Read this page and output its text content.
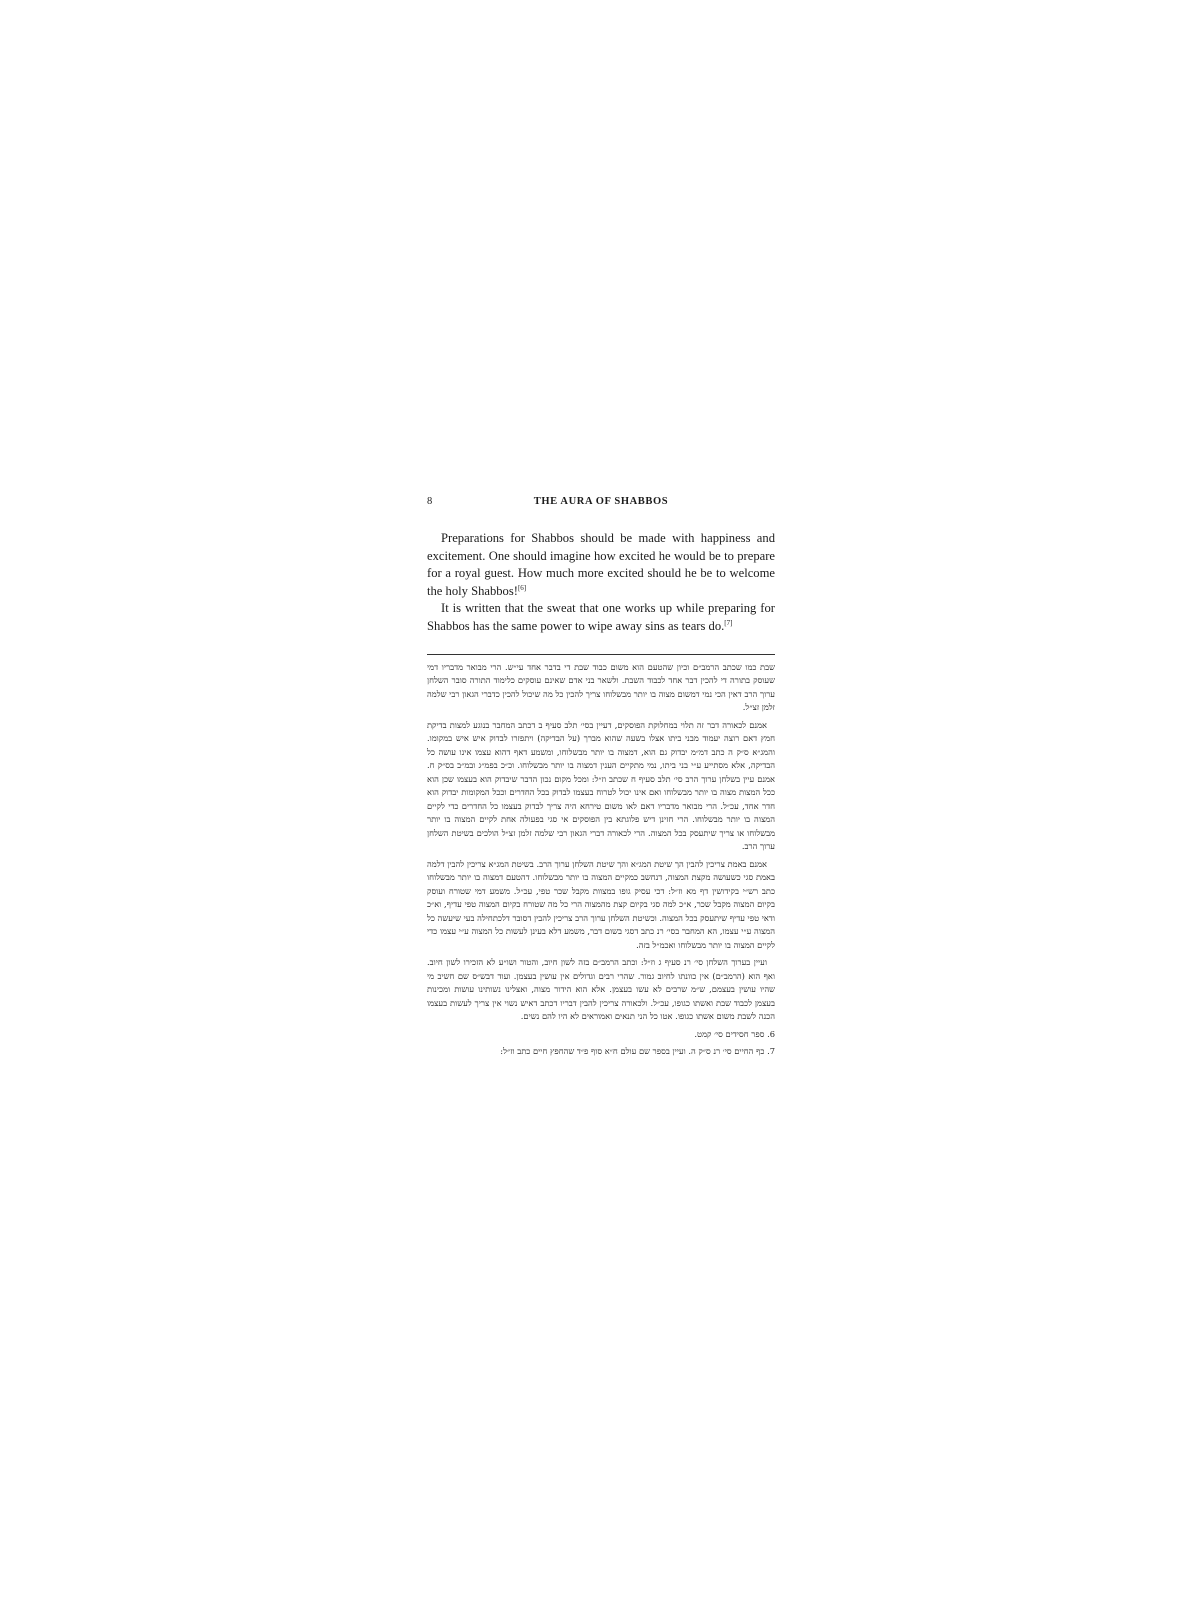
8	THE AURA OF SHABBOS

Preparations for Shabbos should be made with happiness and excitement. One should imagine how excited he would be to prepare for a royal guest. How much more excited should he be to welcome the holy Shabbos![6]

It is written that the sweat that one works up while preparing for Shabbos has the same power to wipe away sins as tears do.[7]

שבת כמו שכתב הרמב״ם וכיון שהטעם הוא משום כבוד שבת די בדבר אחד עי״ש. הרי מבואר מדבריו דמי שעוסק בתורה די להכין דבר אחד לכבוד השבת. ולשאר בני אדם שאינם עוסקים כלימוד התורה סובר השלחן ערוך הרב דאין הכי נמי דמשום מצוה בו יותר מבשלוחו צריך להכין כל מה שיכול להכין כדברי הגאון רבי שלמה זלמן זצ״ל.

אמנם לכאורה דבר זה תלוי במחלוקת הפוסקים, דעיין בסי׳ תלב סעיף ב דכתב המחבר בנוגע למצות בדיקת חמץ דאם רוצה יעמוד מבני ביתו אצלו בשעה שהוא מברך (על הבדיקה) ויתפזרו לבדוק איש איש במקומו. והמג״א ס״ק ה כתב דמ״מ יבדוק גם הוא, דמצוה בו יותר מבשלוחו, ומשמע דאף דהוא עצמו אינו עושה כל הבדיקה, אלא מסתייע ע״י בני ביתו, נמי מתקיים הענין דמצוה בו יותר מבשלוחו. וכ״כ בפמ״ג ובמ״ב בס״ק ח. אמנם עיין בשלחן ערוך הרב סי׳ תלב סעיף ח שכתב וז״ל: ומכל מקום נכון הדבר שיבדוק הוא בעצמו שכן הוא ככל המצות מצוה בו יותר מבשלוחו ואם אינו יכול לטרוח בעצמו לבדוק בכל החדרים וככל המקומות יבדוק הוא חדר אחד, עכ״ל. הרי מבואר מדבריו דאם לאו משום טירחא היה צריך לבדוק בעצמו כל החדרים כדי לקיים המצוה בו יותר מבשלוחו. הרי חזינן דיש פלוגתא בין הפוסקים אי סגי בפעולה אחת לקיים המצוה בו יותר מבשלוחו או צריך שיתעסק בכל המצוה. הרי לכאורה דברי הגאון רבי שלמה זלמן זצ״ל הולכים בשיטת השלחן ערוך הרב.

אמנם באמת צריכין להבין הך שיטת המג״א והך שיטת השלחן ערוך הרב. בשיטת המג״א צריכין להבין דלמה באמת סגי כשעושה מקצת המצוה, דנחשב כמקיים המצוה בו יותר מבשלוחו. דהטעם דמצוה בו יותר מבשלוחו כתב רש״י בקידושין דף מא וז״ל: דכי עסיק גופו במצוות מקבל שכר טפי, עכ״ל. משמע דמי שטורח ועוסק בקיום המצוה מקבל שכר, א״כ למה סגי בקיום קצת מהמצוה הרי כל מה שטורח בקיום המצוה טפי עדיף, וא״כ ודאי טפי עדיף שיתעסק בכל המצוה. וכשיטת השלחן ערוך הרב צריכין להבין דסובר דלכתחילה בעי שיעשה כל המצוה ע״י עצמו, הא המחבר בסי׳ רנ כתב דסגי בשום דבר, משמע דלא בעינן לעשות כל המצוה ע״י עצמו כדי לקיים המצוה בו יותר מבשלוחו ואכמ״ל בזה.

ועיין בערוך השלחן סי׳ רנ סעיף ג וז״ל: וכתב הרמב״ם בזה לשון חיוב, והטור ושו״ע לא הזכירו לשון חיוב. ואף הוא (הרמב״ם) אין כוונתו לחיוב גמור. שהרי רבים וגדולים אין עושין בעצמן. ועוד דבש״ס שם חשיב מי שהיו עושין בעצמם, ש״מ שרבים לא עשו בעצמן. אלא הוא הידור מצוה, ואצלינו נשותינו עושות ומכינות בעצמן לכבוד שבת ואשתו כגופו, עכ״ל. ולכאורה צריכין להבין דבריו דכתב דאיש נשוי אין צריך לעשות בעצמו הכנה לשבת משום אשתו כגופו. אטו כל הני תנאים ואמוראים לא היו להם נשים.

6. ספר חסידים סי׳ קמט.

7. כף החיים סי׳ רנ ס״ק ה. ועיין בספר שם עולם ח״א סוף פ״ד שהחפץ חיים כתב וז״ל:
